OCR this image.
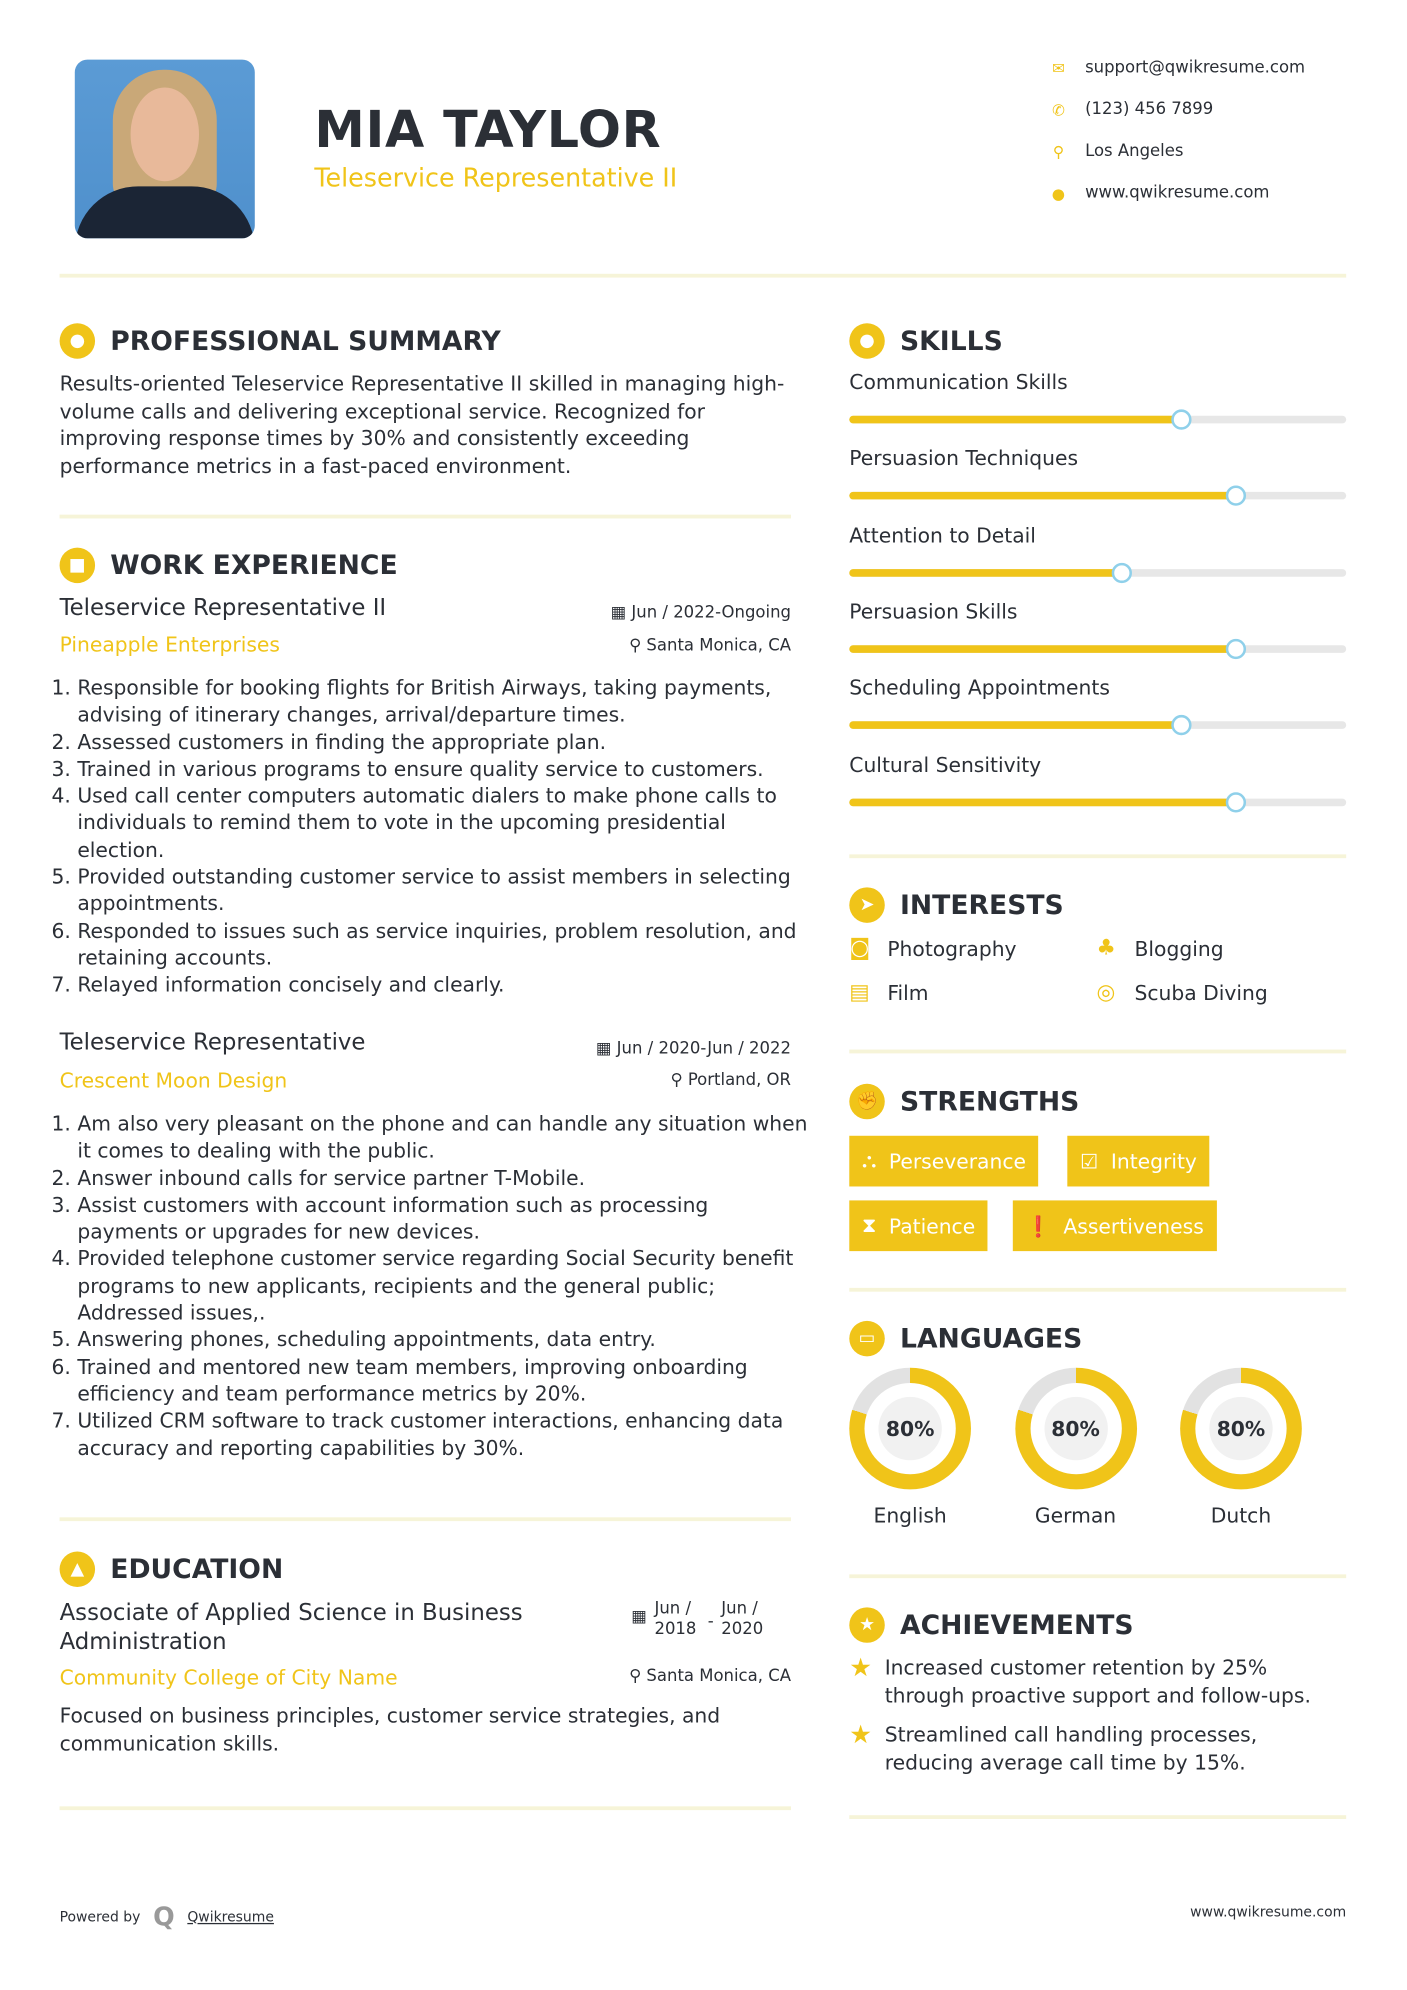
MIA TAYLOR
Teleservice Representative II
✉ support@qwikresume.com
✆ (123) 456 7899
⚲ Los Angeles
● www.qwikresume.com
●	PROFESSIONAL SUMMARY
Results-oriented Teleservice Representative II skilled in managing high-volume calls and delivering exceptional service. Recognized for improving response times by 30% and consistently exceeding performance metrics in a fast-paced environment.
■	WORK EXPERIENCE
Teleservice Representative II	▦ Jun / 2022-Ongoing
Pineapple Enterprises	⚲ Santa Monica, CA
1. Responsible for booking flights for British Airways, taking payments, advising of itinerary changes, arrival/departure times.
2. Assessed customers in finding the appropriate plan.
3. Trained in various programs to ensure quality service to customers.
4. Used call center computers automatic dialers to make phone calls to individuals to remind them to vote in the upcoming presidential election.
5. Provided outstanding customer service to assist members in selecting appointments.
6. Responded to issues such as service inquiries, problem resolution, and retaining accounts.
7. Relayed information concisely and clearly.
Teleservice Representative	▦ Jun / 2020-Jun / 2022
Crescent Moon Design	⚲ Portland, OR
1. Am also very pleasant on the phone and can handle any situation when it comes to dealing with the public.
2. Answer inbound calls for service partner T-Mobile.
3. Assist customers with account information such as processing payments or upgrades for new devices.
4. Provided telephone customer service regarding Social Security benefit programs to new applicants, recipients and the general public; Addressed issues,.
5. Answering phones, scheduling appointments, data entry.
6. Trained and mentored new team members, improving onboarding efficiency and team performance metrics by 20%.
7. Utilized CRM software to track customer interactions, enhancing data accuracy and reporting capabilities by 30%.
▲	EDUCATION
Associate of Applied Science in Business Administration
▦ Jun / 2018 -
Jun / 2020
Community College of City Name	⚲ Santa Monica, CA
Focused on business principles, customer service strategies, and communication skills.
●	SKILLS
Communication Skills
Persuasion Techniques
Attention to Detail
Persuasion Skills
Scheduling Appointments
Cultural Sensitivity
➤	INTERESTS
◙ Photography	♣	Blogging
▤	Film	◎	Scuba Diving
✊	STRENGTHS
⛬ Perseverance	☑ Integrity
⧗ Patience	❗ Assertiveness
▭	LANGUAGES
80%
English
80%
German
80%
Dutch
★	ACHIEVEMENTS
★ Increased customer retention by 25% through proactive support and follow-ups.
★ Streamlined call handling processes, reducing average call time by 15%.
Powered by Q Qwikresume	www.qwikresume.com
